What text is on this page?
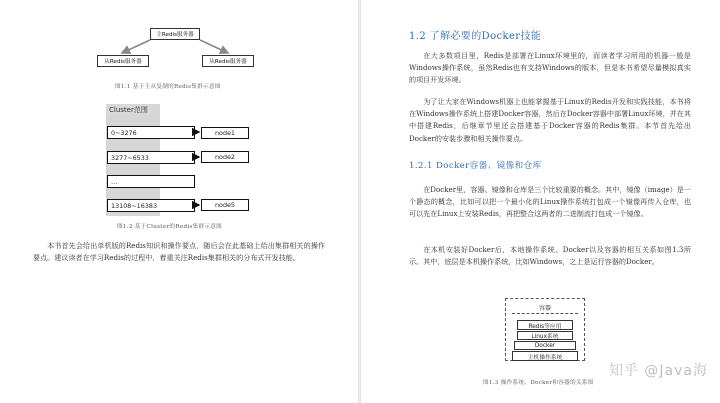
主Redis服务器
从Redis服务器	从Redis服务器
图1.1 基于主从复制的Redis集群示意图
Cluster范围
0~3276
3277~6533
…
13108~16383
node1
node2
node5
图1.2 基于Cluster的Redis集群示意图

本书首先会给出单机版的Redis知识和操作要点，随后会在此基础上给出集群相关的操作要点。建议读者在学习Redis的过程中，着重关注Redis集群相关的分布式开发技能。

1.2 了解必要的Docker技能

在大多数项目里，Redis是部署在Linux环境里的，而读者学习所用的机器一般是Windows操作系统，虽然Redis也有支持Windows的版本，但是本书希望尽量模拟真实的项目开发环境。

为了让大家在Windows机器上也能掌握基于Linux的Redis开发和实践技能，本书将在Windows操作系统上搭建Docker容器，然后在Docker容器中部署Linux环境，并在其中搭建Redis，后继章节里还会搭建基于Docker容器的Redis集群。本节首先给出Docker的安装步骤和相关操作要点。

1.2.1 Docker容器、镜像和仓库

在Docker里，容器、镜像和仓库是三个比较重要的概念。其中，镜像（image）是一个静态的概念，比如可以把一个最小化的Linux操作系统打包成一个镜像再传入仓库，也可以先在Linux上安装Redis，再把整合这两者的二进制流打包成一个镜像。

在本机安装好Docker后，本地操作系统、Docker以及容器的相互关系如图1.3所示。其中，底层是本机操作系统，比如Windows，之上是运行容器的Docker。

容器
Redis等应用
Linux系统
Docker
主机操作系统
图1.3 操作系统、Docker和容器的关系图
知乎 @Java海
